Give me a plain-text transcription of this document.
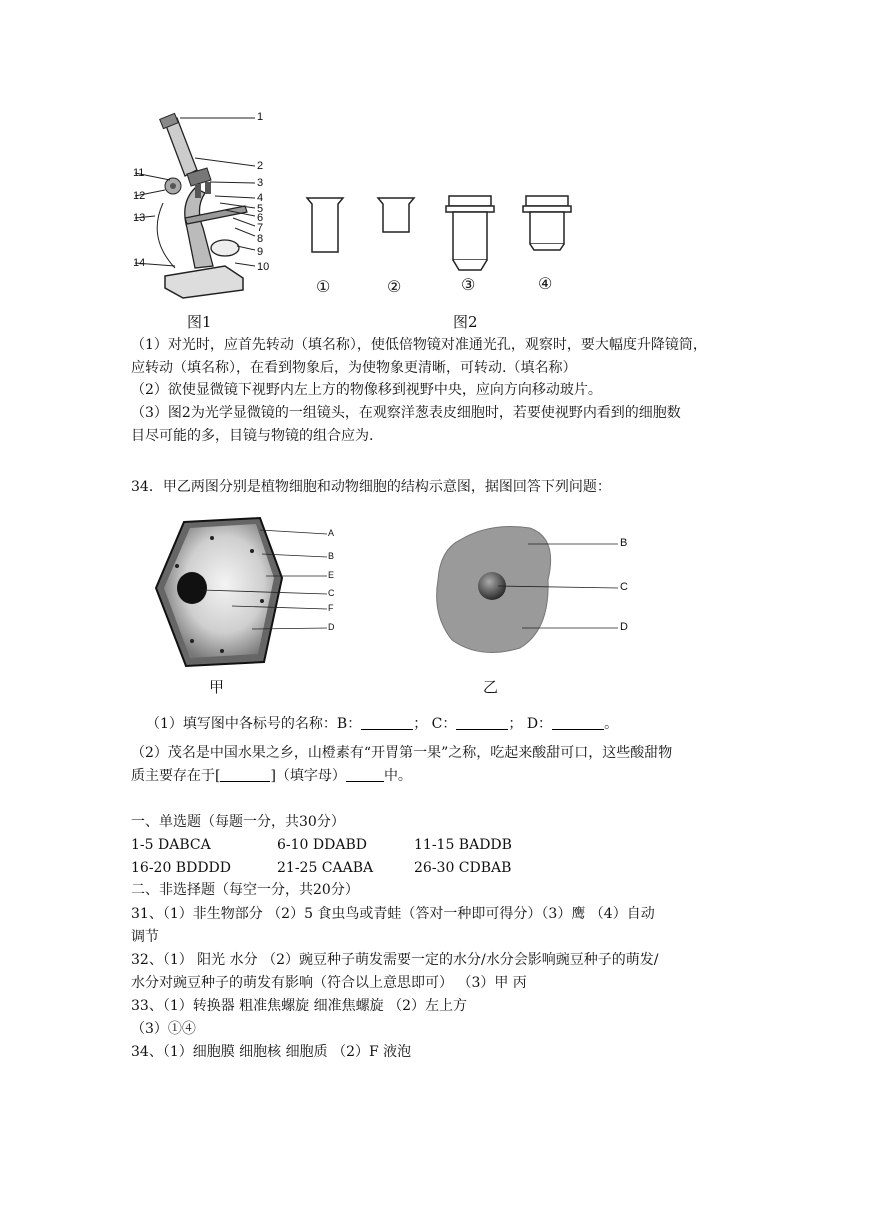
1
2
3
4
5
6
7
8
9
10
11
12
13
14
图1
①	②	③	④
图2
（1）对光时，应首先转动（填名称），使低倍物镜对准通光孔，观察时，要大幅度升降镜筒，
应转动（填名称），在看到物象后，为使物象更清晰，可转动.（填名称）
（2）欲使显微镜下视野内左上方的物像移到视野中央，应向方向移动玻片。
（3）图2为光学显微镜的一组镜头，在观察洋葱表皮细胞时，若要使视野内看到的细胞数
目尽可能的多，目镜与物镜的组合应为.
34．甲乙两图分别是植物细胞和动物细胞的结构示意图，据图回答下列问题：
A
B
E
C
F
D
甲
B
C
D
乙
（1）填写图中各标号的名称：B：	； C：	； D：	。
（2）茂名是中国水果之乡，山橙素有“开胃第一果”之称，吃起来酸甜可口，这些酸甜物
质主要存在于[	]（填字母）	中。
一、单选题（每题一分，共30分）
1-5 DABCA	6-10 DDABD	11-15 BADDB
16-20 BDDDD	21-25 CAABA	26-30 CDBAB
二、非选择题（每空一分，共20分）
31、（1）非生物部分 （2）5 食虫鸟或青蛙（答对一种即可得分）（3）鹰 （4）自动
调节
32、（1） 阳光 水分 （2）豌豆种子萌发需要一定的水分/水分会影响豌豆种子的萌发/
水分对豌豆种子的萌发有影响（符合以上意思即可） （3）甲 丙
33、（1）转换器 粗准焦螺旋 细准焦螺旋 （2）左上方
（3）①④
34、（1）细胞膜 细胞核 细胞质 （2）F 液泡
